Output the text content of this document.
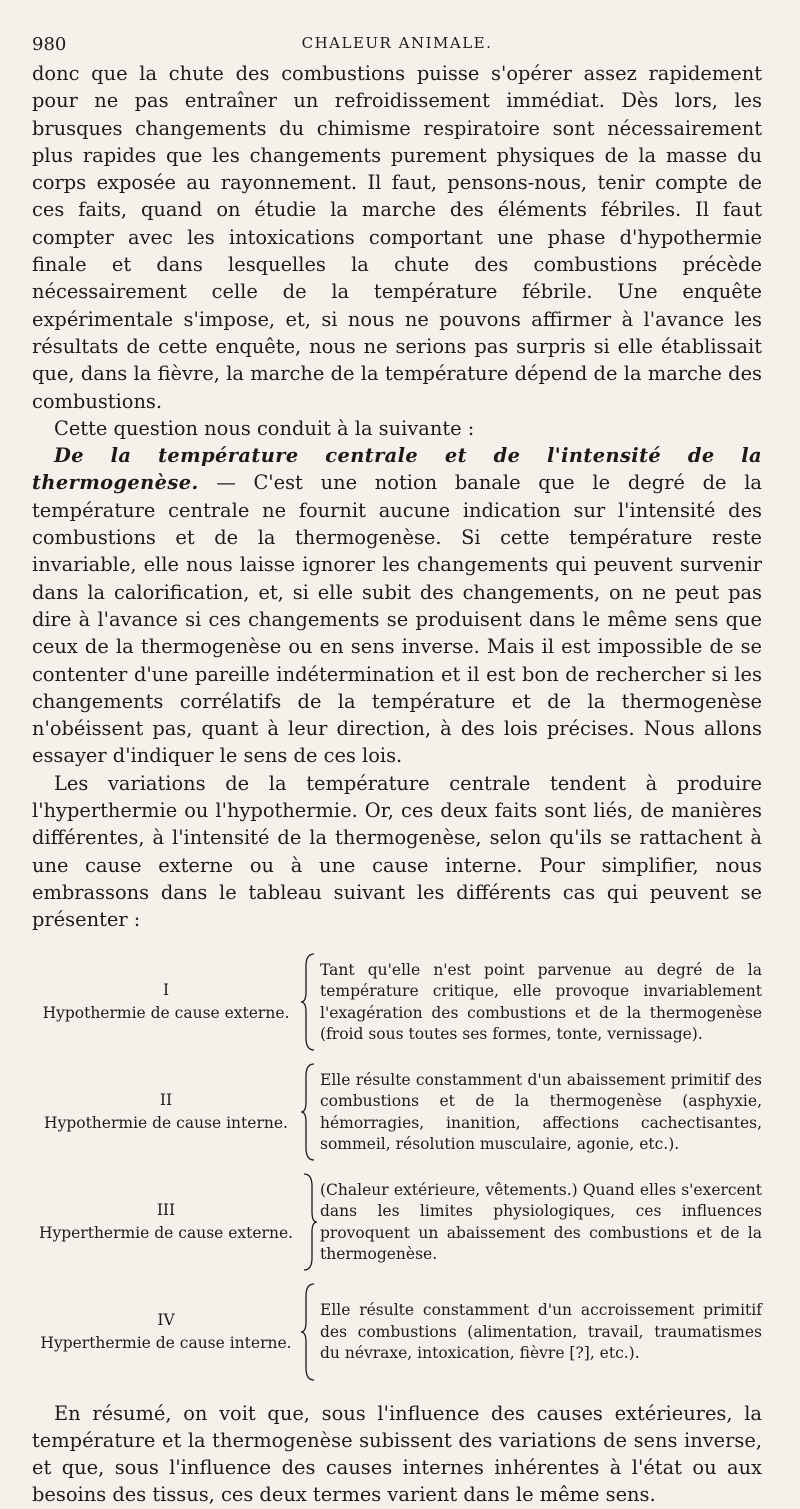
980	CHALEUR ANIMALE.

donc que la chute des combustions puisse s'opérer assez rapidement pour ne pas entraîner un refroidissement immédiat. Dès lors, les brusques changements du chimisme respiratoire sont nécessairement plus rapides que les changements purement physiques de la masse du corps exposée au rayonnement. Il faut, pensons-nous, tenir compte de ces faits, quand on étudie la marche des éléments fébriles. Il faut compter avec les intoxications comportant une phase d'hypothermie finale et dans lesquelles la chute des combustions précède nécessairement celle de la température fébrile. Une enquête expérimentale s'impose, et, si nous ne pouvons affirmer à l'avance les résultats de cette enquête, nous ne serions pas surpris si elle établissait que, dans la fièvre, la marche de la température dépend de la marche des combustions.

Cette question nous conduit à la suivante :

De la température centrale et de l'intensité de la thermogenèse. — C'est une notion banale que le degré de la température centrale ne fournit aucune indication sur l'intensité des combustions et de la thermogenèse. Si cette température reste invariable, elle nous laisse ignorer les changements qui peuvent survenir dans la calorification, et, si elle subit des changements, on ne peut pas dire à l'avance si ces changements se produisent dans le même sens que ceux de la thermogenèse ou en sens inverse. Mais il est impossible de se contenter d'une pareille indétermination et il est bon de rechercher si les changements corrélatifs de la température et de la thermogenèse n'obéissent pas, quant à leur direction, à des lois précises. Nous allons essayer d'indiquer le sens de ces lois.

Les variations de la température centrale tendent à produire l'hyperthermie ou l'hypothermie. Or, ces deux faits sont liés, de manières différentes, à l'intensité de la thermogenèse, selon qu'ils se rattachent à une cause externe ou à une cause interne. Pour simplifier, nous embrassons dans le tableau suivant les différents cas qui peuvent se présenter :

I
Hypothermie de cause externe.
Tant qu'elle n'est point parvenue au degré de la température critique, elle provoque invariablement l'exagération des combustions et de la thermogenèse (froid sous toutes ses formes, tonte, vernissage).
II
Hypothermie de cause interne.
Elle résulte constamment d'un abaissement primitif des combustions et de la thermogenèse (asphyxie, hémorragies, inanition, affections cachectisantes, sommeil, résolution musculaire, agonie, etc.).
III
Hyperthermie de cause externe.
(Chaleur extérieure, vêtements.) Quand elles s'exercent dans les limites physiologiques, ces influences provoquent un abaissement des combustions et de la thermogenèse.
IV
Hyperthermie de cause interne.
Elle résulte constamment d'un accroissement primitif des combustions (alimentation, travail, traumatismes du névraxe, intoxication, fièvre [?], etc.).

En résumé, on voit que, sous l'influence des causes extérieures, la température et la thermogenèse subissent des variations de sens inverse, et que, sous l'influence des causes internes inhérentes à l'état ou aux besoins des tissus, ces deux termes varient dans le même sens.
